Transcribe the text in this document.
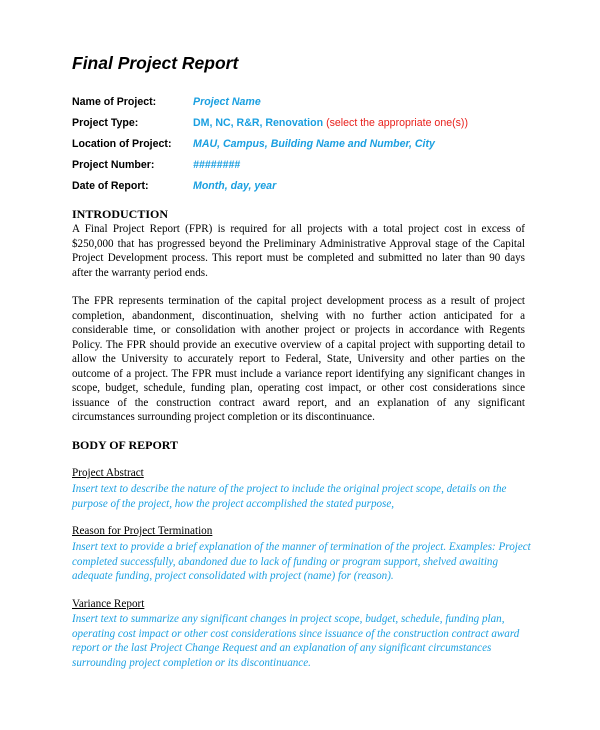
Final Project Report
Name of Project:	Project Name
Project Type:	DM, NC, R&R, Renovation (select the appropriate one(s))
Location of Project:	MAU, Campus, Building Name and Number, City
Project Number:	########
Date of Report:	Month, day, year
INTRODUCTION

A Final Project Report (FPR) is required for all projects with a total project cost in excess of $250,000 that has progressed beyond the Preliminary Administrative Approval stage of the Capital Project Development process. This report must be completed and submitted no later than 90 days after the warranty period ends.

The FPR represents termination of the capital project development process as a result of project completion, abandonment, discontinuation, shelving with no further action anticipated for a considerable time, or consolidation with another project or projects in accordance with Regents Policy. The FPR should provide an executive overview of a capital project with supporting detail to allow the University to accurately report to Federal, State, University and other parties on the outcome of a project. The FPR must include a variance report identifying any significant changes in scope, budget, schedule, funding plan, operating cost impact, or other cost considerations since issuance of the construction contract award report, and an explanation of any significant circumstances surrounding project completion or its discontinuance.

BODY OF REPORT
Project Abstract

Insert text to describe the nature of the project to include the original project scope, details on the purpose of the project, how the project accomplished the stated purpose,

Reason for Project Termination

Insert text to provide a brief explanation of the manner of termination of the project. Examples: Project completed successfully, abandoned due to lack of funding or program support, shelved awaiting adequate funding, project consolidated with project (name) for (reason).

Variance Report

Insert text to summarize any significant changes in project scope, budget, schedule, funding plan, operating cost impact or other cost considerations since issuance of the construction contract award report or the last Project Change Request and an explanation of any significant circumstances surrounding project completion or its discontinuance.
